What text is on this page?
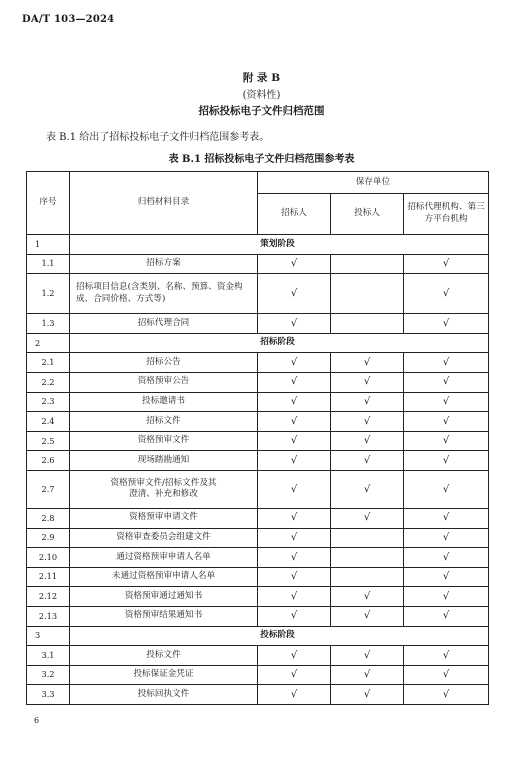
DA/T 103—2024
附 录 B
(资料性)
招标投标电子文件归档范围
表 B.1 给出了招标投标电子文件归档范围参考表。
表 B.1 招标投标电子文件归档范围参考表
序号	归档材料目录	保存单位		
		招标人	投标人	招标代理机构、第三方平台机构
1	策划阶段			
1.1	招标方案	√		√
1.2	招标项目信息(含类别、名称、预算、资金构成、合同价格、方式等)	√		√
1.3	招标代理合同	√		√
2	招标阶段			
2.1	招标公告	√	√	√
2.2	资格预审公告	√	√	√
2.3	投标邀请书	√	√	√
2.4	招标文件	√	√	√
2.5	资格预审文件	√	√	√
2.6	现场踏勘通知	√	√	√
2.7	资格预审文件/招标文件及其澄清、补充和修改	√	√	√
2.8	资格预审申请文件	√	√	√
2.9	资格审查委员会组建文件	√		√
2.10	通过资格预审申请人名单	√		√
2.11	未通过资格预审申请人名单	√		√
2.12	资格预审通过通知书	√	√	√
2.13	资格预审结果通知书	√	√	√
3	投标阶段			
3.1	投标文件	√	√	√
3.2	投标保证金凭证	√	√	√
3.3	投标回执文件	√	√	√
6
